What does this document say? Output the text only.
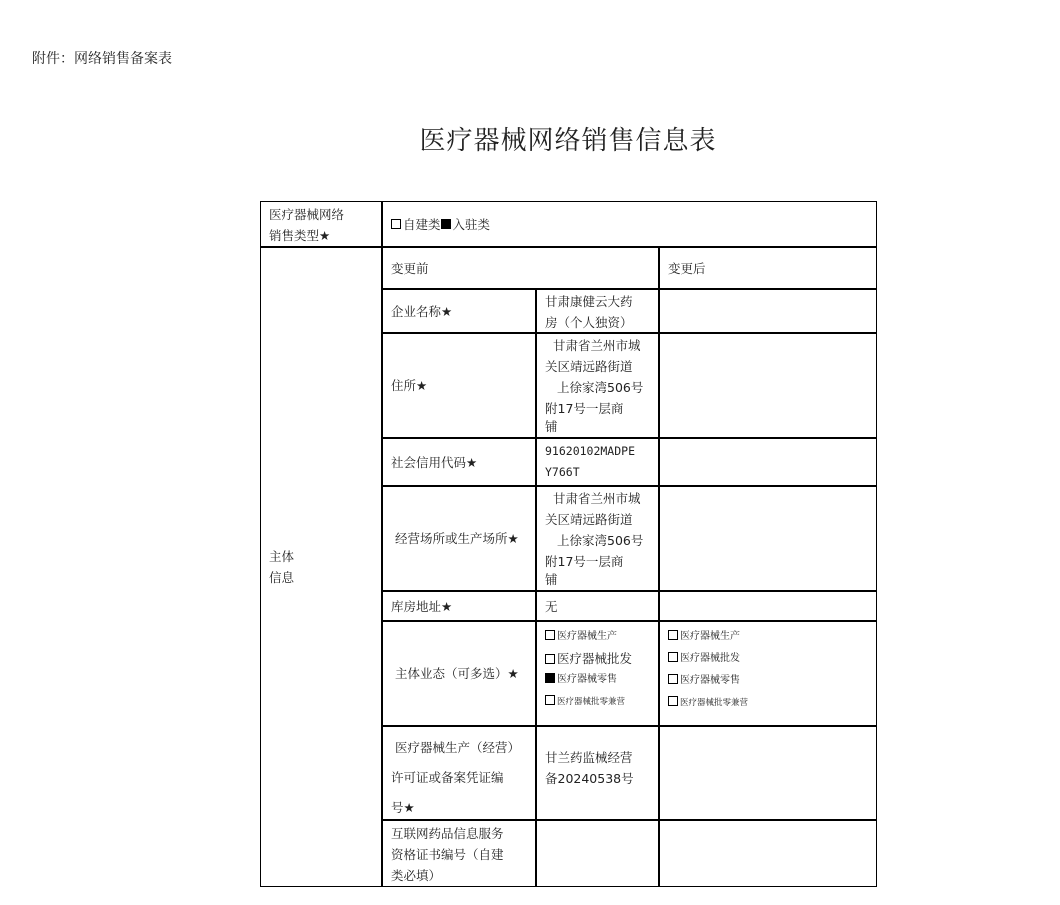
附件：网络销售备案表
医疗器械网络销售信息表
医疗器械网络
销售类型★
自建类 入驻类
主体
信息
变更前	变更后
企业名称★
甘肃康健云大药
房（个人独资）
住所★
甘肃省兰州市城
关区靖远路街道
上徐家湾506号
附17号一层商
铺
社会信用代码★
91620102MADPE
Y766T
经营场所或生产场所★
甘肃省兰州市城
关区靖远路街道
上徐家湾506号
附17号一层商
铺
库房地址★	无
主体业态（可多选）★
医疗器械生产
医疗器械批发
医疗器械零售
医疗器械批零兼营
医疗器械生产
医疗器械批发
医疗器械零售
医疗器械批零兼营
医疗器械生产（经营）
许可证或备案凭证编
号★
甘兰药监械经营
备20240538号
互联网药品信息服务
资格证书编号（自建
类必填）
